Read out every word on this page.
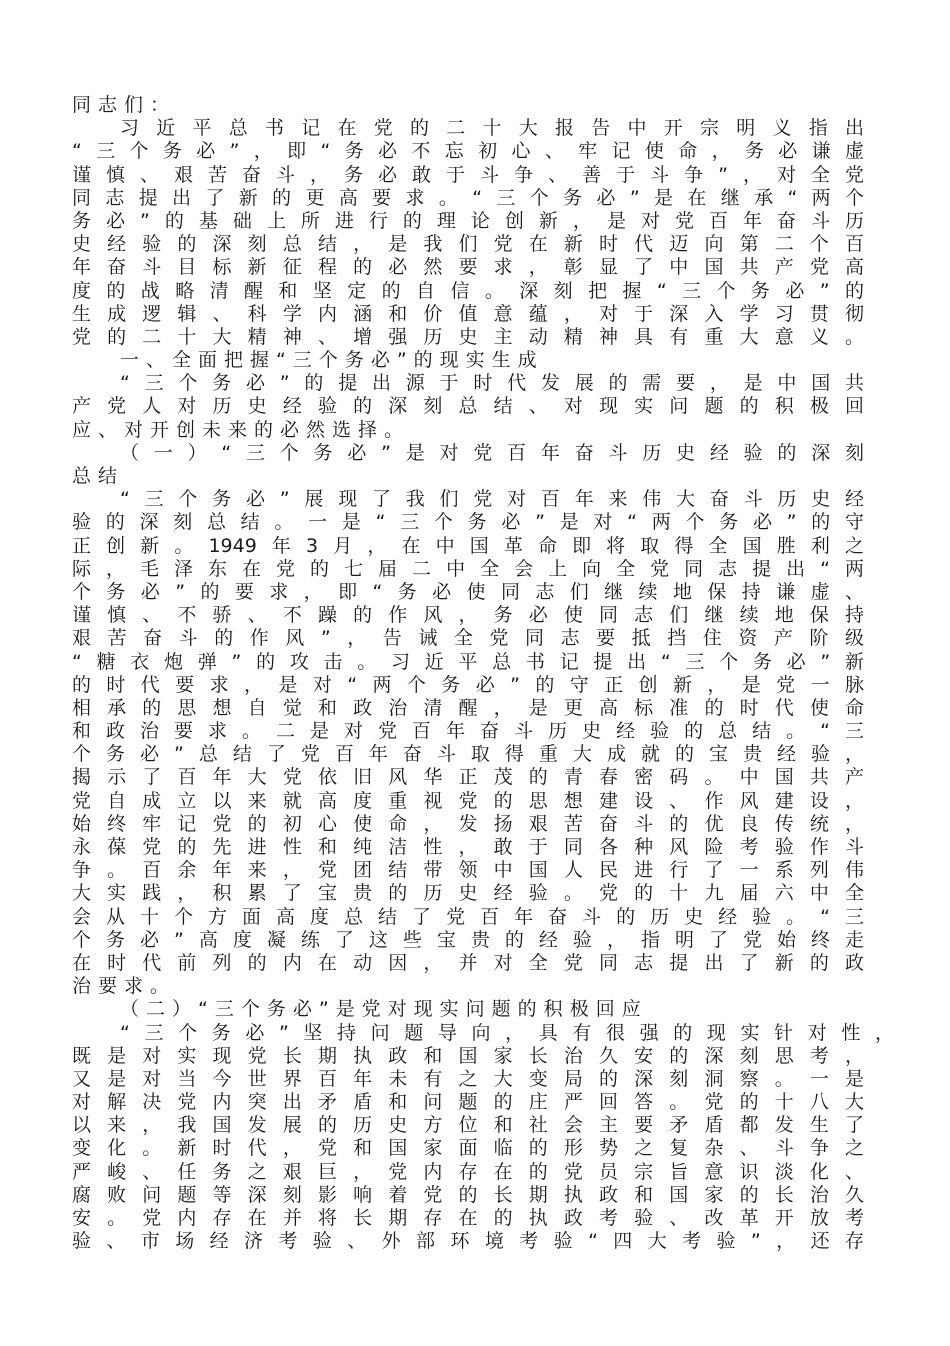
同志们：
习近平总书记在党的二十大报告中开宗明义指出
“三个务必”，即“务必不忘初心、牢记使命，务必谦虚
谨慎、艰苦奋斗，务必敢于斗争、善于斗争”，对全党
同志提出了新的更高要求。“三个务必”是在继承“两个
务必”的基础上所进行的理论创新，是对党百年奋斗历
史经验的深刻总结，是我们党在新时代迈向第二个百
年奋斗目标新征程的必然要求，彰显了中国共产党高
度的战略清醒和坚定的自信。深刻把握“三个务必”的
生成逻辑、科学内涵和价值意蕴，对于深入学习贯彻
党的二十大精神、增强历史主动精神具有重大意义。
一、全面把握“三个务必”的现实生成
“三个务必”的提出源于时代发展的需要，是中国共
产党人对历史经验的深刻总结、对现实问题的积极回
应、对开创未来的必然选择。
（一）“三个务必”是对党百年奋斗历史经验的深刻
总结
“三个务必”展现了我们党对百年来伟大奋斗历史经
验的深刻总结。一是“三个务必”是对“两个务必”的守
正创新。1949年3月，在中国革命即将取得全国胜利之
际，毛泽东在党的七届二中全会上向全党同志提出“两
个务必”的要求，即“务必使同志们继续地保持谦虚、
谨慎、不骄、不躁的作风，务必使同志们继续地保持
艰苦奋斗的作风”，告诫全党同志要抵挡住资产阶级
“糖衣炮弹”的攻击。习近平总书记提出“三个务必”新
的时代要求，是对“两个务必”的守正创新，是党一脉
相承的思想自觉和政治清醒，是更高标准的时代使命
和政治要求。二是对党百年奋斗历史经验的总结。“三
个务必”总结了党百年奋斗取得重大成就的宝贵经验，
揭示了百年大党依旧风华正茂的青春密码。中国共产
党自成立以来就高度重视党的思想建设、作风建设，
始终牢记党的初心使命，发扬艰苦奋斗的优良传统，
永葆党的先进性和纯洁性，敢于同各种风险考验作斗
争。百余年来，党团结带领中国人民进行了一系列伟
大实践，积累了宝贵的历史经验。党的十九届六中全
会从十个方面高度总结了党百年奋斗的历史经验。“三
个务必”高度凝练了这些宝贵的经验，指明了党始终走
在时代前列的内在动因，并对全党同志提出了新的政
治要求。
（二）“三个务必”是党对现实问题的积极回应
“三个务必”坚持问题导向，具有很强的现实针对性，
既是对实现党长期执政和国家长治久安的深刻思考，
又是对当今世界百年未有之大变局的深刻洞察。一是
对解决党内突出矛盾和问题的庄严回答。党的十八大
以来，我国发展的历史方位和社会主要矛盾都发生了
变化。新时代，党和国家面临的形势之复杂、斗争之
严峻、任务之艰巨，党内存在的党员宗旨意识淡化、
腐败问题等深刻影响着党的长期执政和国家的长治久
安。党内存在并将长期存在的执政考验、改革开放考
验、市场经济考验、外部环境考验“四大考验”，还存
